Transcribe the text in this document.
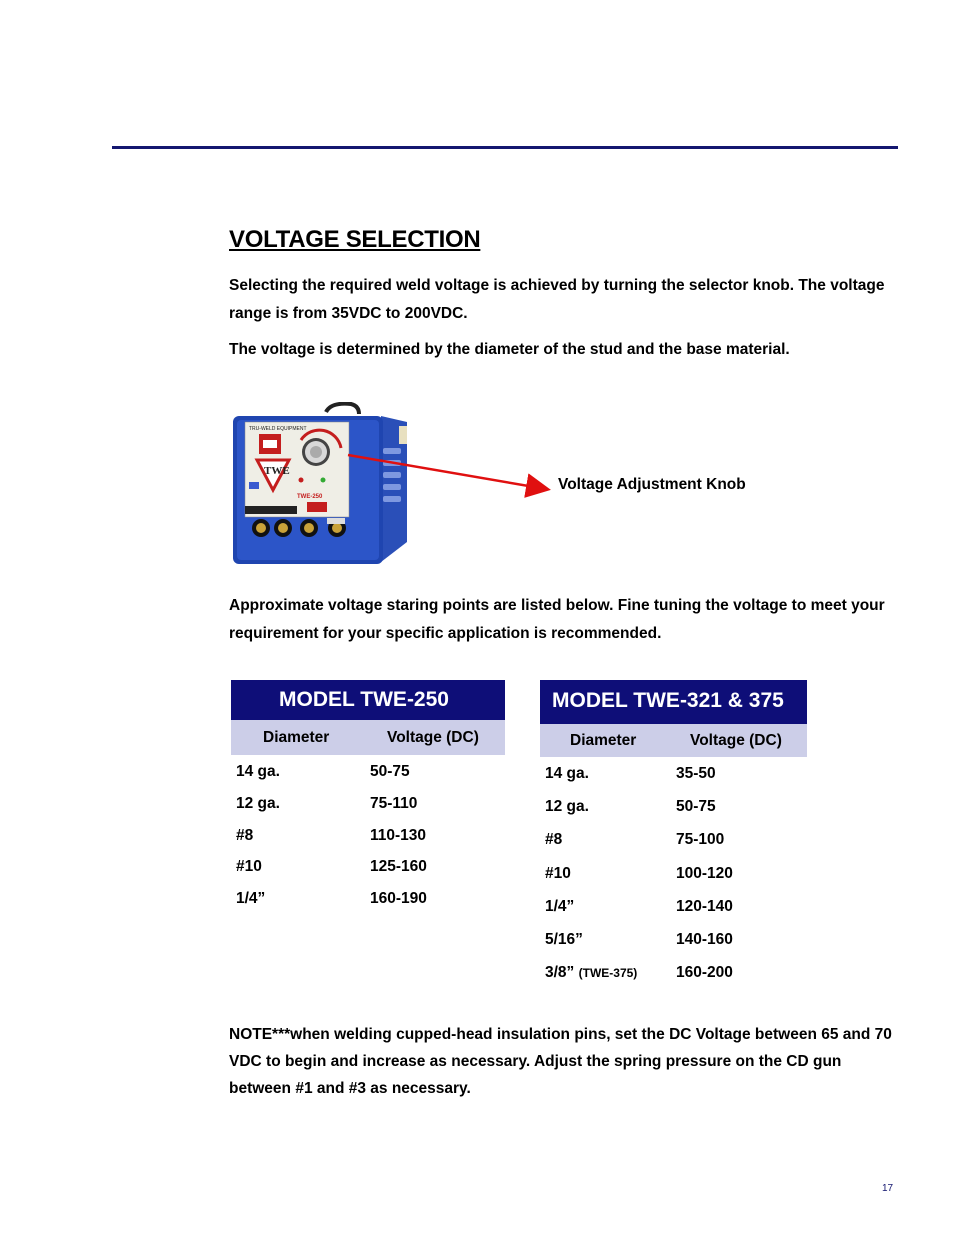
VOLTAGE SELECTION
Selecting the required weld voltage is achieved by turning the selector knob. The voltage range is from 35VDC to 200VDC.
The voltage is determined by the diameter of the stud and the base material.
TRU-WELD EQUIPMENT
TWE
TWE-250
Voltage Adjustment Knob
Approximate voltage staring points are listed below. Fine tuning the voltage to meet your requirement for your specific application is recommended.
MODEL TWE-250
Diameter	Voltage (DC)
14 ga.	50-75
12 ga.	75-110
#8	110-130
#10	125-160
1/4”	160-190
MODEL TWE-321 & 375
Diameter	Voltage (DC)
14 ga.	35-50
12 ga.	50-75
#8	75-100
#10	100-120
1/4”	120-140
5/16”	140-160
3/8” (TWE-375) 160-200
NOTE***when welding cupped-head insulation pins, set the DC Voltage between 65 and 70 VDC to begin and increase as necessary. Adjust the spring pressure on the CD gun between #1 and #3 as necessary.
17
